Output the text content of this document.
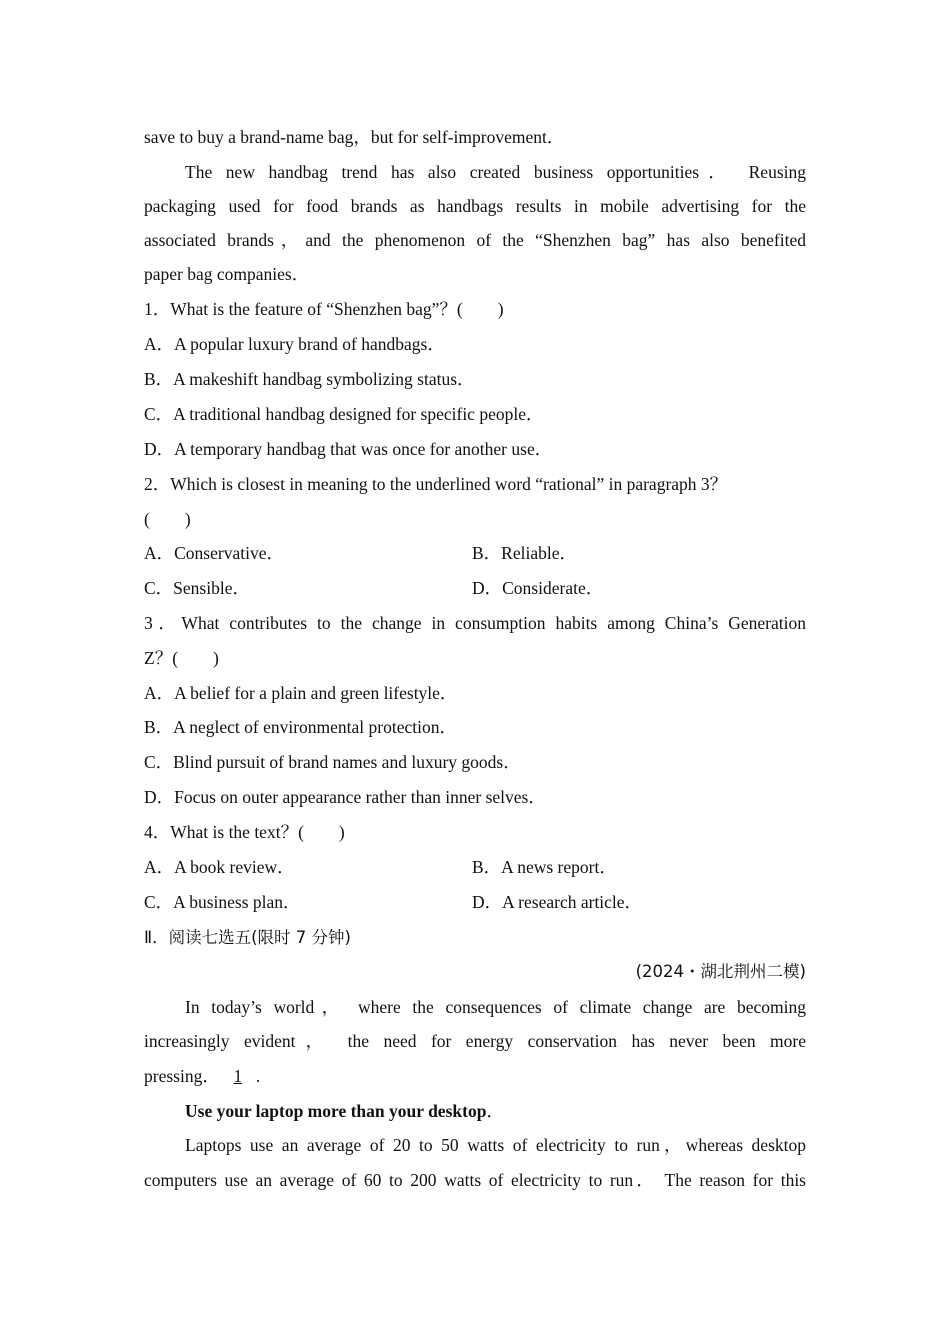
save to buy a brand-name bag，but for self-improvement．
The new handbag trend has also created business opportunities． Reusing
packaging used for food brands as handbags results in mobile advertising for the
associated brands，and the phenomenon of the “Shenzhen bag” has also benefited
paper bag companies．
1．What is the feature of “Shenzhen bag”？(　　)
A．A popular luxury brand of handbags．
B．A makeshift handbag symbolizing status．
C．A traditional handbag designed for specific people．
D．A temporary handbag that was once for another use．
2．Which is closest in meaning to the underlined word “rational” in paragraph 3？
(　　)
A．Conservative．	B．Reliable．
C．Sensible．	D．Considerate．
3．What contributes to the change in consumption habits among China’s Generation
Z？(　　)
A．A belief for a plain and green lifestyle．
B．A neglect of environmental protection．
C．Blind pursuit of brand names and luxury goods．
D．Focus on outer appearance rather than inner selves．
4．What is the text？(　　)
A．A book review．	B．A news report．
C．A business plan．	D．A research article．
Ⅱ．阅读七选五(限时 7 分钟)
(2024・湖北荆州二模)
In today’s world， where the consequences of climate change are becoming
increasingly evident， the need for energy conservation has never been more
pressing． 1 .
Use your laptop more than your desktop．
Laptops use an average of 20 to 50 watts of electricity to run，whereas desktop
computers use an average of 60 to 200 watts of electricity to run． The reason for this
